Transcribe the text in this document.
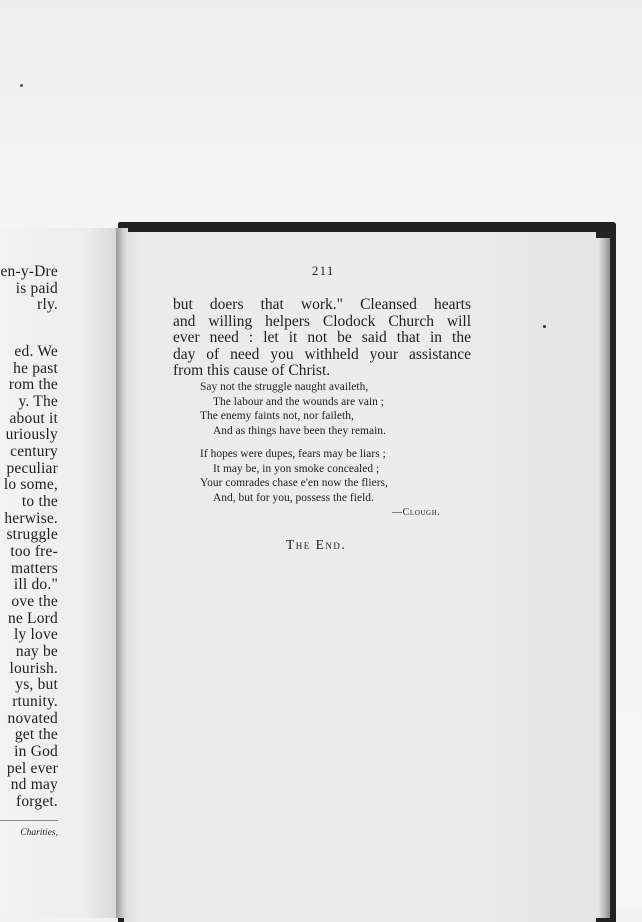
en-y-Dre
is paid
rly.
ed. We
he past
rom the
y. The
about it
uriously
century
peculiar
lo some,
to the
herwise.
struggle
too fre-
matters
ill do."
ove the
ne Lord
ly love
nay be
lourish.
ys, but
rtunity.
novated
get the
in God
pel ever
nd may
forget.
Charities,
211
but doers that work." Cleansed hearts
and willing helpers Clodock Church will
ever need : let it not be said that in the
day of need you withheld your assistance
from this cause of Christ.
Say not the struggle naught availeth,
The labour and the wounds are vain ;
The enemy faints not, nor faileth,
And as things have been they remain.
If hopes were dupes, fears may be liars ;
It may be, in yon smoke concealed ;
Your comrades chase e'en now the fliers,
And, but for you, possess the field.
—Clough.
The End.
